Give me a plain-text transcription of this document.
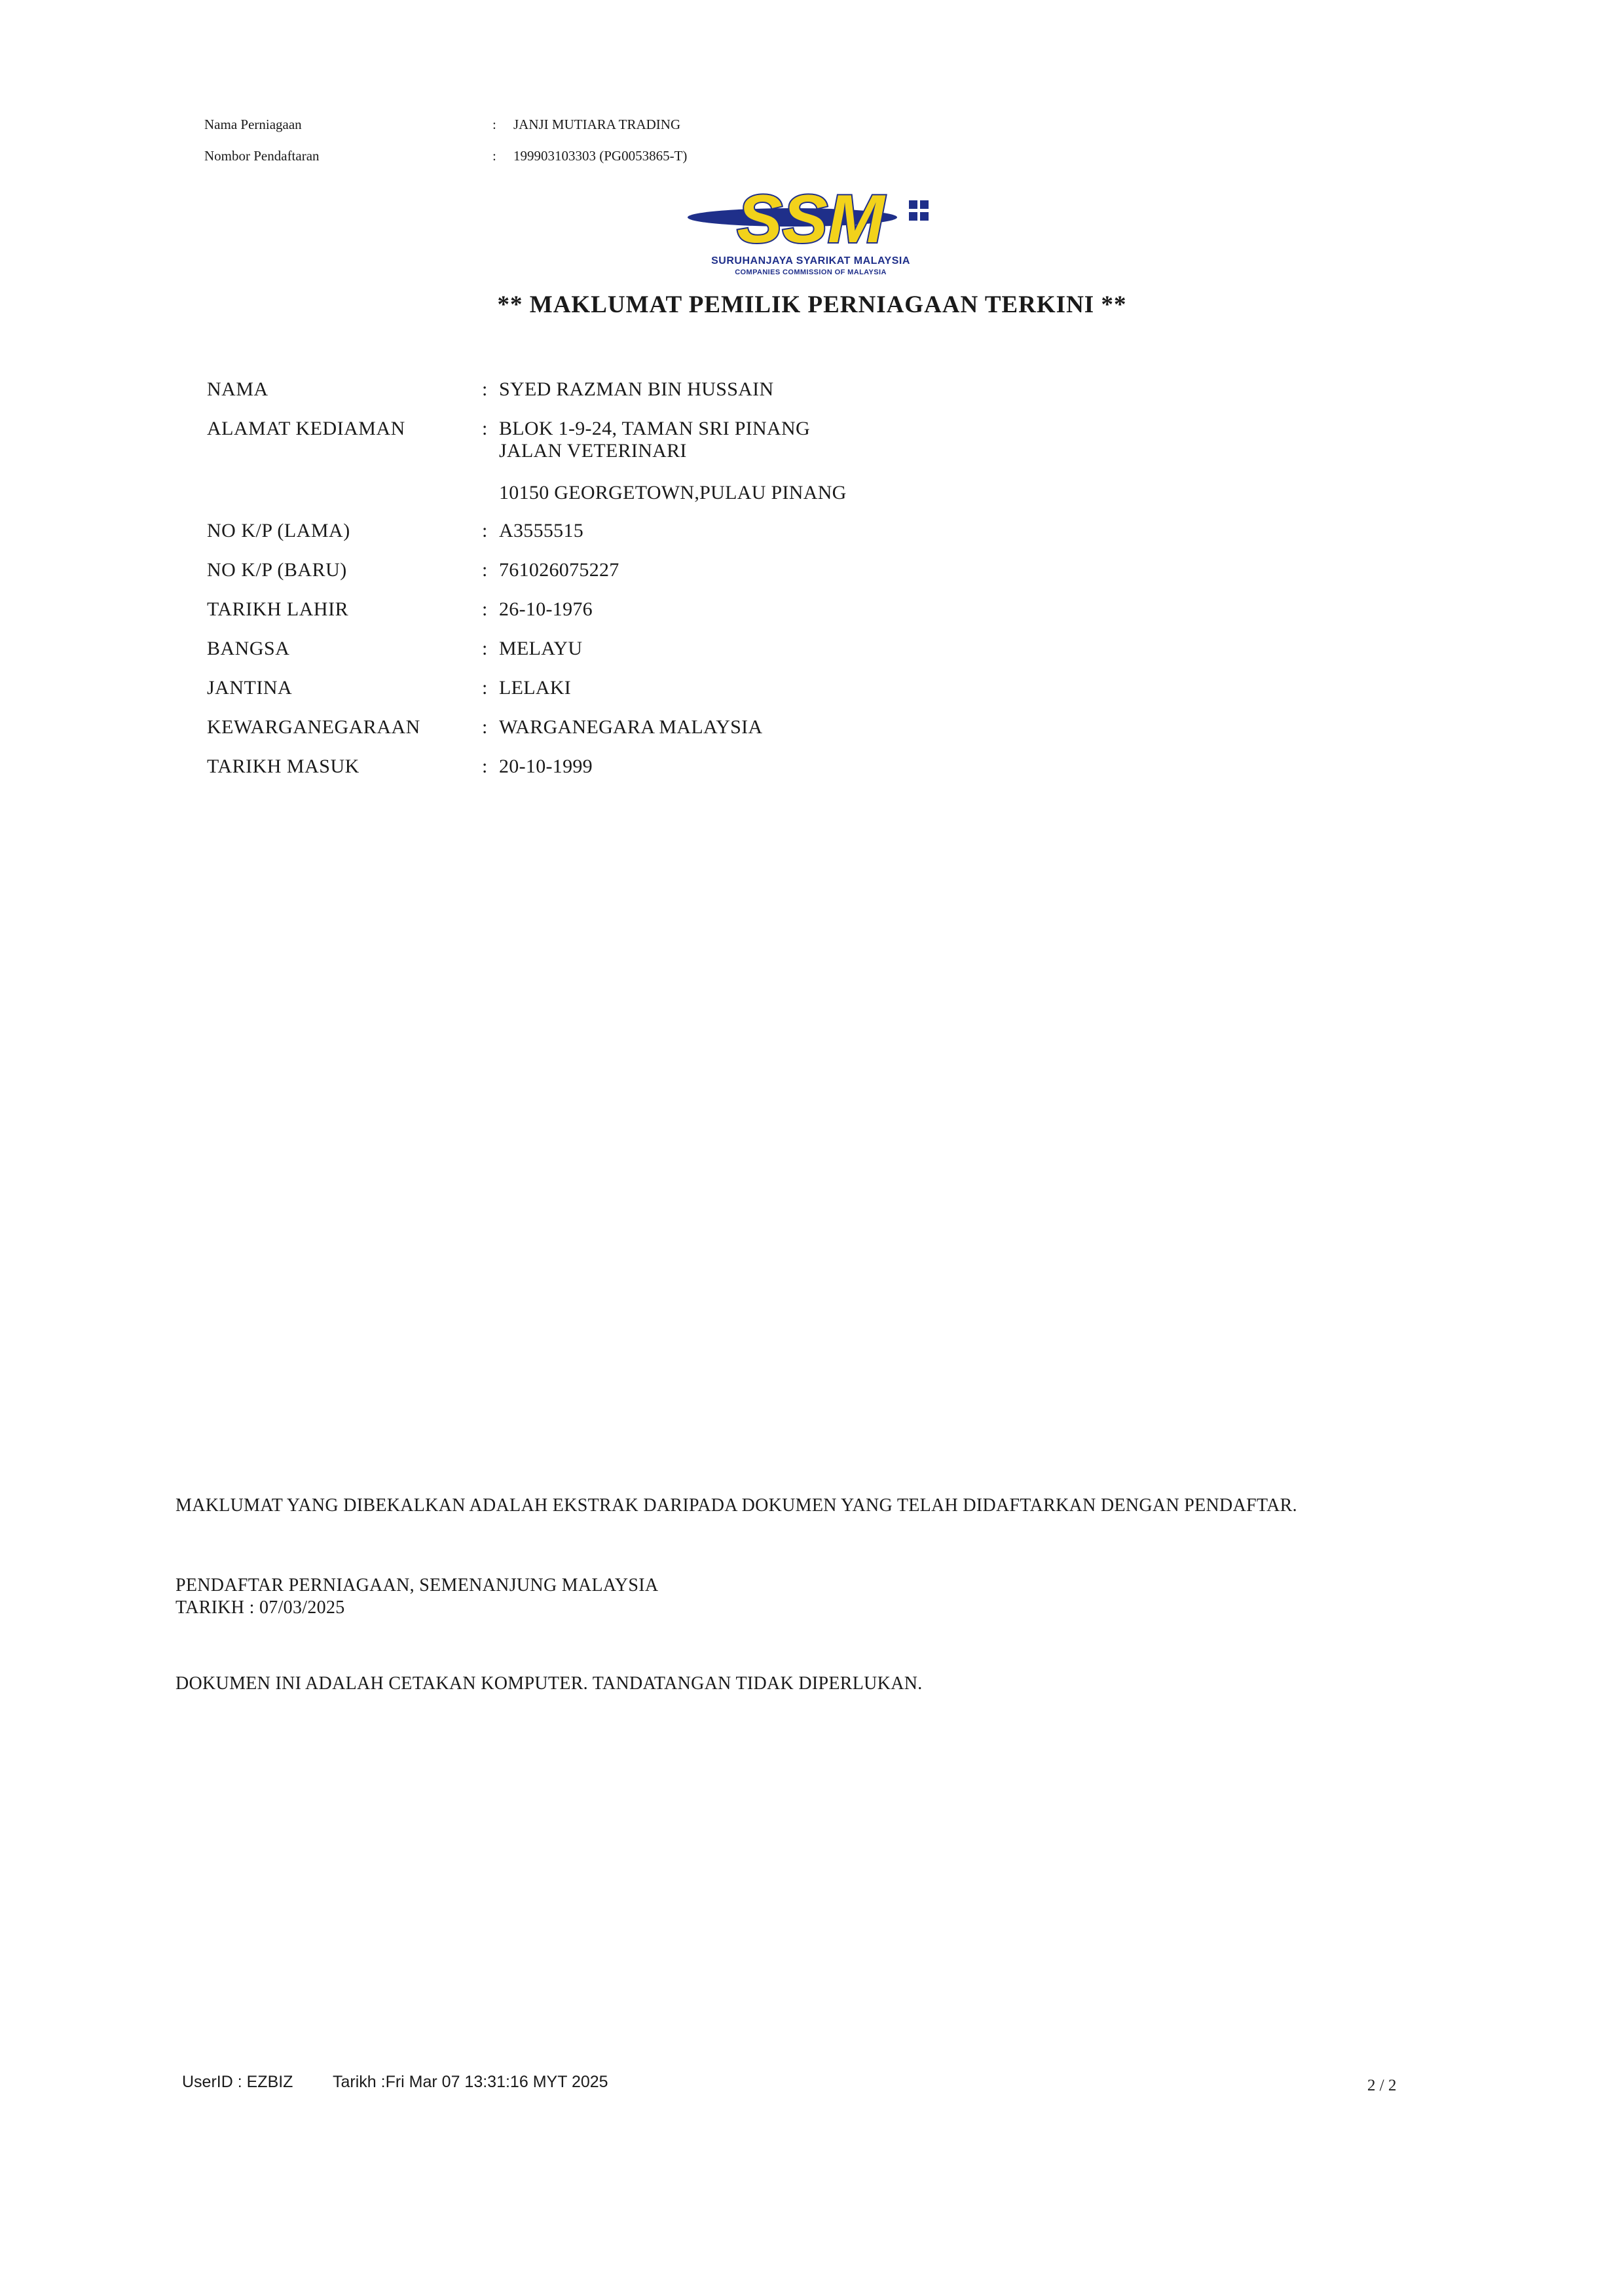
Nama Perniagaan	: JANJI MUTIARA TRADING
Nombor Pendaftaran	: 199903103303 (PG0053865-T)
SSM
SURUHANJAYA SYARIKAT MALAYSIA
COMPANIES COMMISSION OF MALAYSIA
** MAKLUMAT PEMILIK PERNIAGAAN TERKINI **
NAMA	: SYED RAZMAN BIN HUSSAIN
ALAMAT KEDIAMAN	: BLOK 1-9-24, TAMAN SRI PINANG
JALAN VETERINARI
10150 GEORGETOWN,PULAU PINANG
NO K/P (LAMA)	: A3555515
NO K/P (BARU)	: 761026075227
TARIKH LAHIR	: 26-10-1976
BANGSA	: MELAYU
JANTINA	: LELAKI
KEWARGANEGARAAN	: WARGANEGARA MALAYSIA
TARIKH MASUK	: 20-10-1999
MAKLUMAT YANG DIBEKALKAN ADALAH EKSTRAK DARIPADA DOKUMEN YANG TELAH DIDAFTARKAN DENGAN PENDAFTAR.
PENDAFTAR PERNIAGAAN, SEMENANJUNG MALAYSIA
TARIKH : 07/03/2025
DOKUMEN INI ADALAH CETAKAN KOMPUTER. TANDATANGAN TIDAK DIPERLUKAN.
UserID : EZBIZ Tarikh :Fri Mar 07 13:31:16 MYT 2025	2 / 2
